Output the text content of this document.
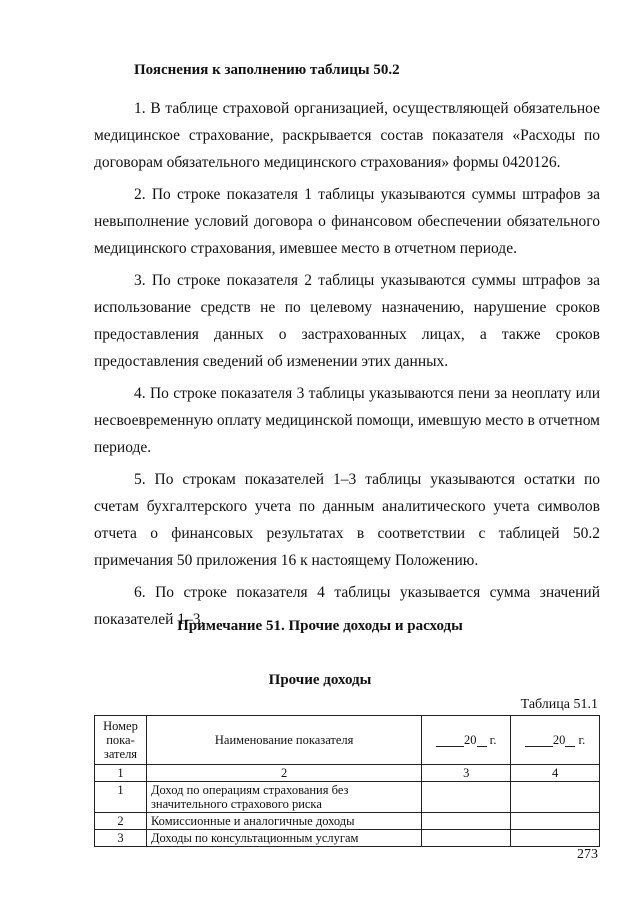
Пояснения к заполнению таблицы 50.2

1. В таблице страховой организацией, осуществляющей обязательное медицинское страхование, раскрывается состав показателя «Расходы по договорам обязательного медицинского страхования» формы 0420126.

2. По строке показателя 1 таблицы указываются суммы штрафов за невыполнение условий договора о финансовом обеспечении обязательного медицинского страхования, имевшее место в отчетном периоде.

3. По строке показателя 2 таблицы указываются суммы штрафов за использование средств не по целевому назначению, нарушение сроков предоставления данных о застрахованных лицах, а также сроков предоставления сведений об изменении этих данных.

4. По строке показателя 3 таблицы указываются пени за неоплату или несвоевременную оплату медицинской помощи, имевшую место в отчетном периоде.

5. По строкам показателей 1–3 таблицы указываются остатки по счетам бухгалтерского учета по данным аналитического учета символов отчета о финансовых результатах в соответствии с таблицей 50.2 примечания 50 приложения 16 к настоящему Положению.

6. По строке показателя 4 таблицы указывается сумма значений показателей 1–3.

Примечание 51. Прочие доходы и расходы
Прочие доходы
Таблица 51.1
Номер пока-зателя	Наименование показателя	20 г.	20 г.
1	2	3	4
1	Доход по операциям страхования без значительного страхового риска		
2	Комиссионные и аналогичные доходы		
3	Доходы по консультационным услугам		
273
